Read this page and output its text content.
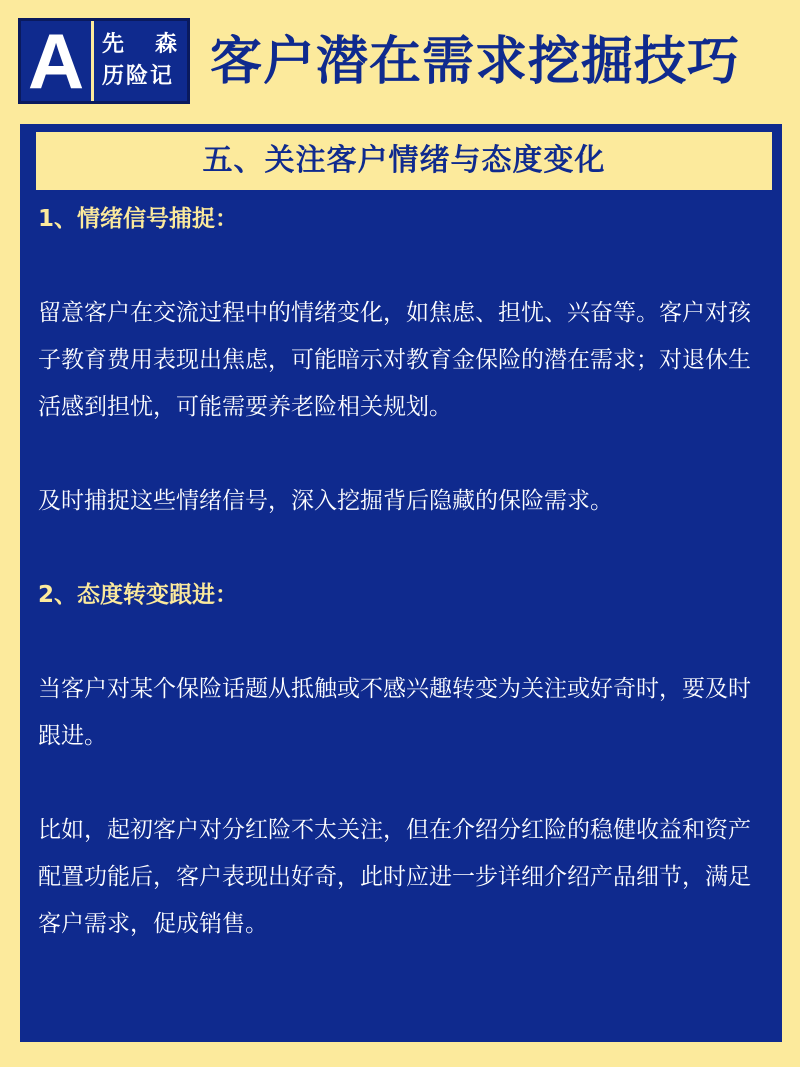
A 先 森
历险记 客户潜在需求挖掘技巧
五、关注客户情绪与态度变化

1、情绪信号捕捉：

留意客户在交流过程中的情绪变化，如焦虑、担忧、兴奋等。客户对孩子教育费用表现出焦虑，可能暗示对教育金保险的潜在需求；对退休生活感到担忧，可能需要养老险相关规划。

及时捕捉这些情绪信号，深入挖掘背后隐藏的保险需求。

2、态度转变跟进：

当客户对某个保险话题从抵触或不感兴趣转变为关注或好奇时，要及时跟进。

比如，起初客户对分红险不太关注，但在介绍分红险的稳健收益和资产配置功能后，客户表现出好奇，此时应进一步详细介绍产品细节，满足客户需求，促成销售。
